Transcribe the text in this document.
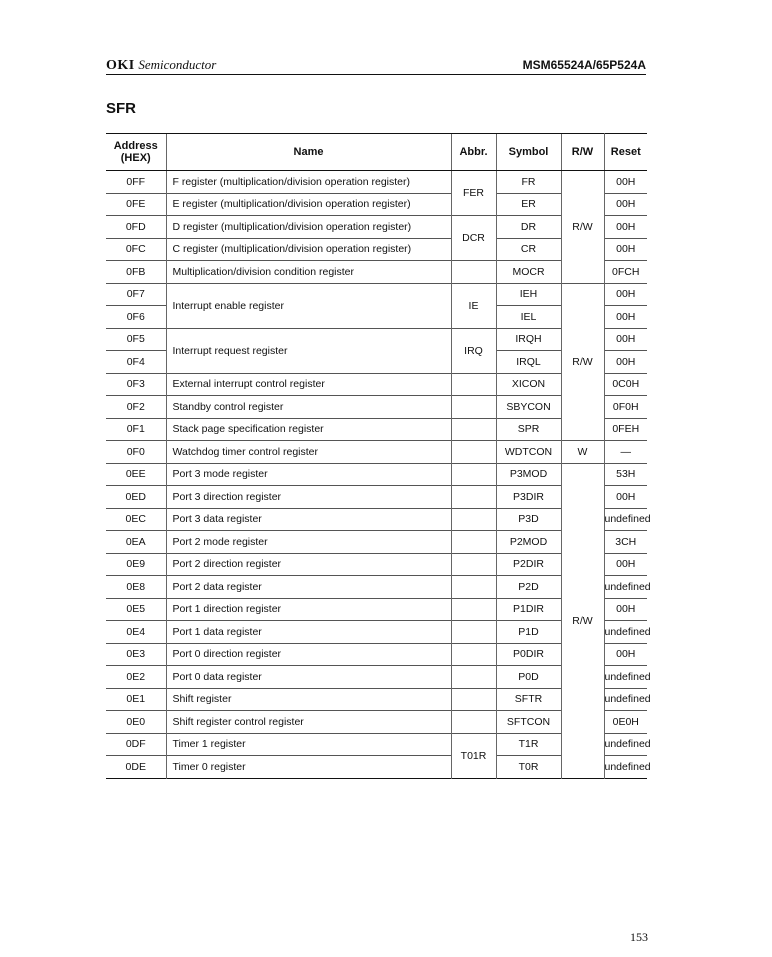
OKI Semiconductor	MSM65524A/65P524A
SFR
Address (HEX)	Name	Abbr.	Symbol	R/W	Reset
0FF	F register (multiplication/division operation register)	FER	FR	R/W	00H
0FE	E register (multiplication/division operation register)		ER		00H
0FD	D register (multiplication/division operation register)	DCR	DR		00H
0FC	C register (multiplication/division operation register)		CR		00H
0FB	Multiplication/division condition register		MOCR		0FCH
0F7	Interrupt enable register	IE	IEH	R/W	00H
0F6			IEL		00H
0F5	Interrupt request register	IRQ	IRQH		00H
0F4			IRQL		00H
0F3	External interrupt control register		XICON		0C0H
0F2	Standby control register		SBYCON		0F0H
0F1	Stack page specification register		SPR		0FEH
0F0	Watchdog timer control register		WDTCON	W	—
0EE	Port 3 mode register		P3MOD	R/W	53H
0ED	Port 3 direction register		P3DIR		00H
0EC	Port 3 data register		P3D		undefined
0EA	Port 2 mode register		P2MOD		3CH
0E9	Port 2 direction register		P2DIR		00H
0E8	Port 2 data register		P2D		undefined
0E5	Port 1 direction register		P1DIR		00H
0E4	Port 1 data register		P1D		undefined
0E3	Port 0 direction register		P0DIR		00H
0E2	Port 0 data register		P0D		undefined
0E1	Shift register		SFTR		undefined
0E0	Shift register control register		SFTCON		0E0H
0DF	Timer 1 register	T01R	T1R		undefined
0DE	Timer 0 register		T0R		undefined
153
